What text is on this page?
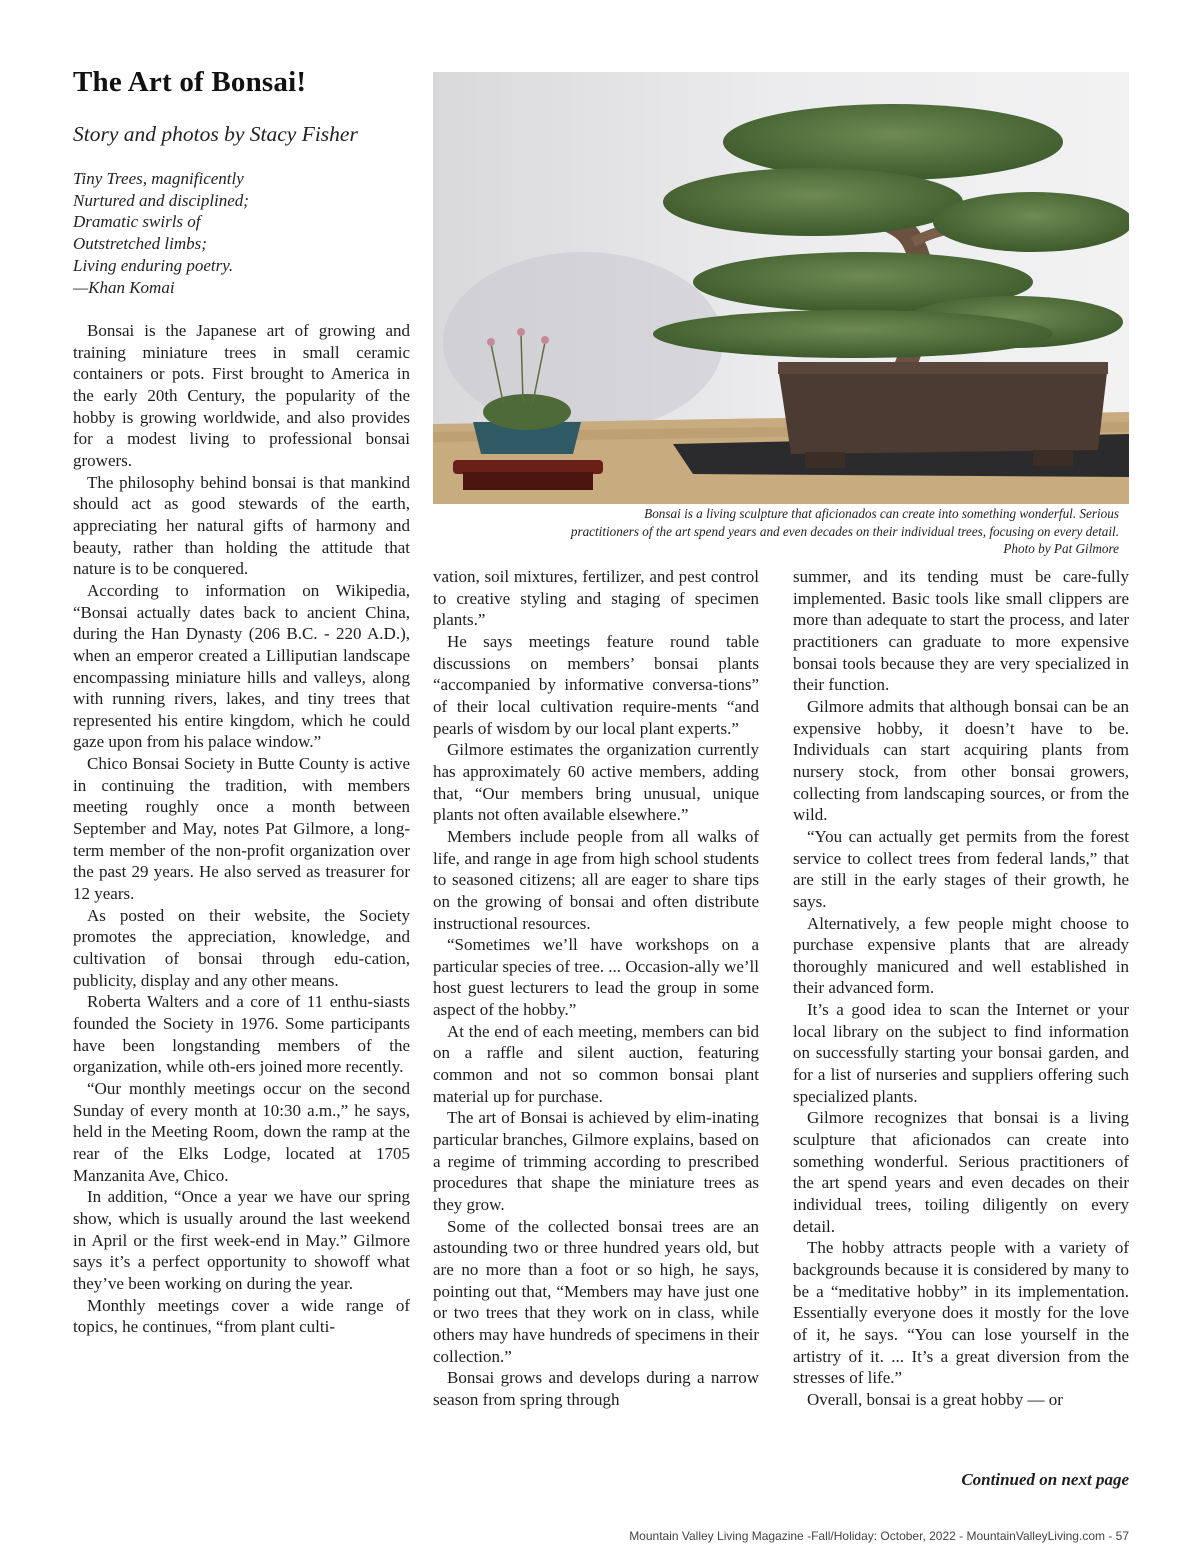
The Art of Bonsai!

Story and photos by Stacy Fisher

Tiny Trees, magnificently
Nurtured and disciplined;
Dramatic swirls of
Outstretched limbs;
Living enduring poetry.
—Khan Komai

Bonsai is the Japanese art of growing and training miniature trees in small ceramic containers or pots. First brought to America in the early 20th Century, the popularity of the hobby is growing worldwide, and also provides for a modest living to professional bonsai growers.

The philosophy behind bonsai is that mankind should act as good stewards of the earth, appreciating her natural gifts of harmony and beauty, rather than holding the attitude that nature is to be conquered.

According to information on Wikipedia, “Bonsai actually dates back to ancient China, during the Han Dynasty (206 B.C. - 220 A.D.), when an emperor created a Lilliputian landscape encompassing miniature hills and valleys, along with running rivers, lakes, and tiny trees that represented his entire kingdom, which he could gaze upon from his palace window.”

Chico Bonsai Society in Butte County is active in continuing the tradition, with members meeting roughly once a month between September and May, notes Pat Gilmore, a long-term member of the non-profit organization over the past 29 years. He also served as treasurer for 12 years.

As posted on their website, the Society promotes the appreciation, knowledge, and cultivation of bonsai through edu-cation, publicity, display and any other means.

Roberta Walters and a core of 11 enthu-siasts founded the Society in 1976. Some participants have been longstanding members of the organization, while oth-ers joined more recently.

“Our monthly meetings occur on the second Sunday of every month at 10:30 a.m.,” he says, held in the Meeting Room, down the ramp at the rear of the Elks Lodge, located at 1705 Manzanita Ave, Chico.

In addition, “Once a year we have our spring show, which is usually around the last weekend in April or the first week-end in May.” Gilmore says it’s a perfect opportunity to showoff what they’ve been working on during the year.

Monthly meetings cover a wide range of topics, he continues, “from plant culti-

Bonsai is a living sculpture that aficionados can create into something wonderful. Serious
practitioners of the art spend years and even decades on their individual trees, focusing on every detail.
Photo by Pat Gilmore

vation, soil mixtures, fertilizer, and pest control to creative styling and staging of specimen plants.”

He says meetings feature round table discussions on members’ bonsai plants “accompanied by informative conversa-tions” of their local cultivation require-ments “and pearls of wisdom by our local plant experts.”

Gilmore estimates the organization currently has approximately 60 active members, adding that, “Our members bring unusual, unique plants not often available elsewhere.”

Members include people from all walks of life, and range in age from high school students to seasoned citizens; all are eager to share tips on the growing of bonsai and often distribute instructional resources.

“Sometimes we’ll have workshops on a particular species of tree. ... Occasion-ally we’ll host guest lecturers to lead the group in some aspect of the hobby.”

At the end of each meeting, members can bid on a raffle and silent auction, featuring common and not so common bonsai plant material up for purchase.

The art of Bonsai is achieved by elim-inating particular branches, Gilmore explains, based on a regime of trimming according to prescribed procedures that shape the miniature trees as they grow.

Some of the collected bonsai trees are an astounding two or three hundred years old, but are no more than a foot or so high, he says, pointing out that, “Members may have just one or two trees that they work on in class, while others may have hundreds of specimens in their collection.”

Bonsai grows and develops during a narrow season from spring through

summer, and its tending must be care-fully implemented. Basic tools like small clippers are more than adequate to start the process, and later practitioners can graduate to more expensive bonsai tools because they are very specialized in their function.

Gilmore admits that although bonsai can be an expensive hobby, it doesn’t have to be. Individuals can start acquiring plants from nursery stock, from other bonsai growers, collecting from landscaping sources, or from the wild.

“You can actually get permits from the forest service to collect trees from federal lands,” that are still in the early stages of their growth, he says.

Alternatively, a few people might choose to purchase expensive plants that are already thoroughly manicured and well established in their advanced form.

It’s a good idea to scan the Internet or your local library on the subject to find information on successfully starting your bonsai garden, and for a list of nurseries and suppliers offering such specialized plants.

Gilmore recognizes that bonsai is a living sculpture that aficionados can create into something wonderful. Serious practitioners of the art spend years and even decades on their individual trees, toiling diligently on every detail.

The hobby attracts people with a variety of backgrounds because it is considered by many to be a “meditative hobby” in its implementation. Essentially everyone does it mostly for the love of it, he says. “You can lose yourself in the artistry of it. ... It’s a great diversion from the stresses of life.”

Overall, bonsai is a great hobby — or

Continued on next page
Mountain Valley Living Magazine -Fall/Holiday: October, 2022 - MountainValleyLiving.com - 57
